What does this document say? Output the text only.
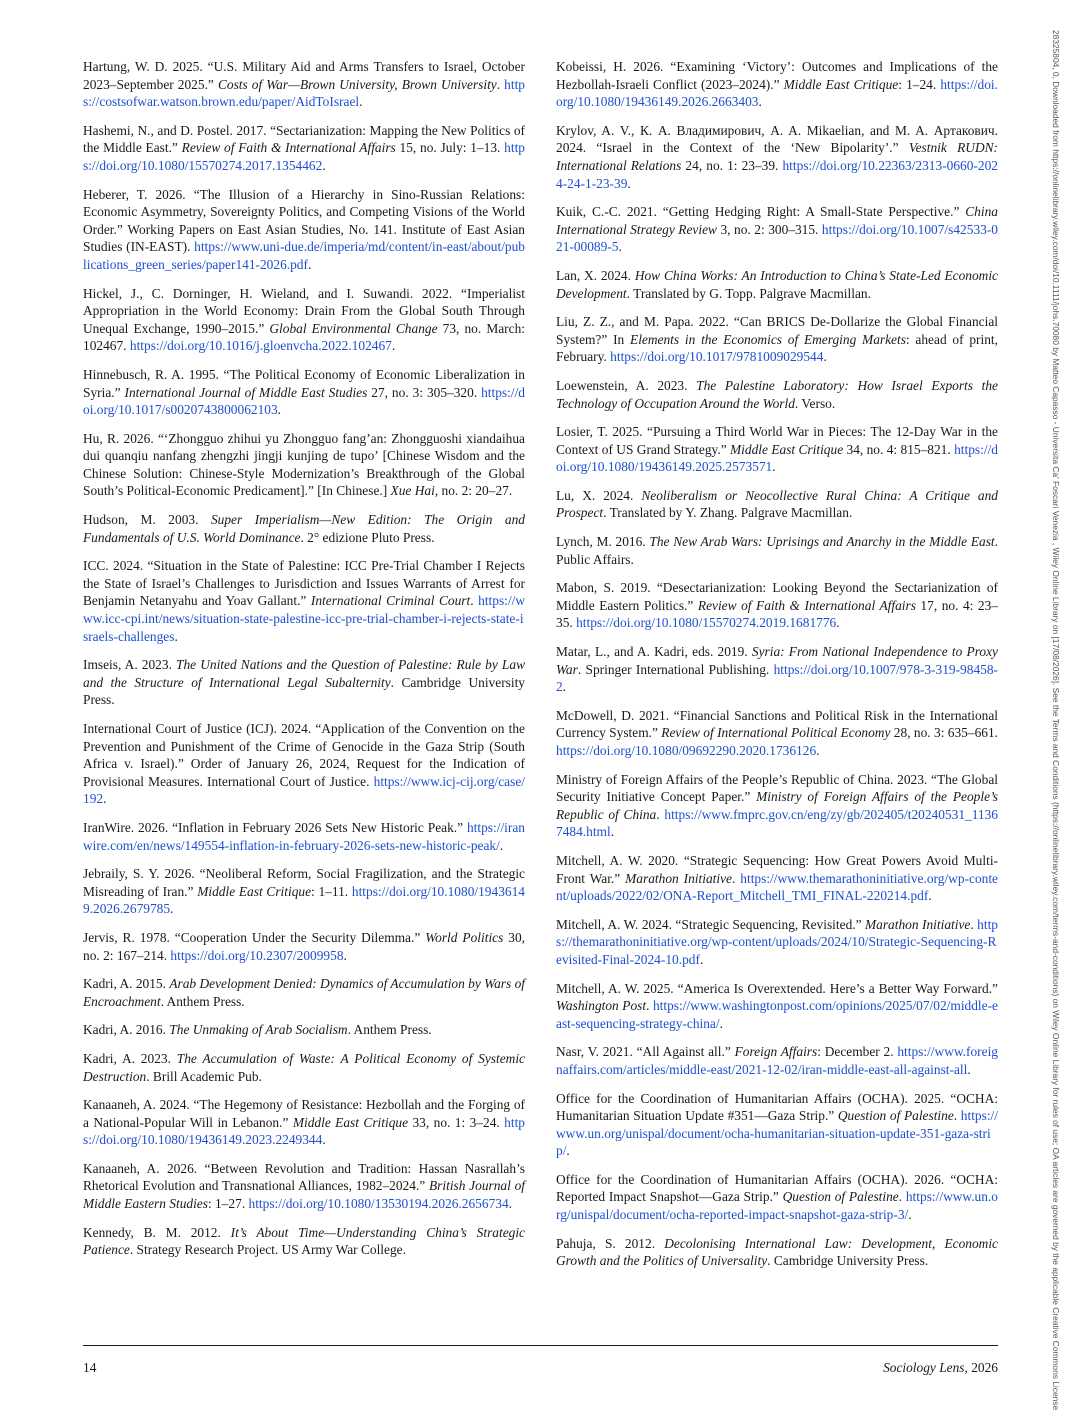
Hartung, W. D. 2025. “U.S. Military Aid and Arms Transfers to Israel, October 2023–September 2025.” Costs of War—Brown University, Brown University. https://costsofwar.watson.brown.edu/paper/AidToIsrael.

Hashemi, N., and D. Postel. 2017. “Sectarianization: Mapping the New Politics of the Middle East.” Review of Faith & International Affairs 15, no. July: 1–13. https://doi.org/10.1080/15570274.2017.1354462.

Heberer, T. 2026. “The Illusion of a Hierarchy in Sino-Russian Relations: Economic Asymmetry, Sovereignty Politics, and Competing Visions of the World Order.” Working Papers on East Asian Studies, No. 141. Institute of East Asian Studies (IN-EAST). https://www.uni-due.de/imperia/md/content/in-east/about/publications_green_series/paper141-2026.pdf.

Hickel, J., C. Dorninger, H. Wieland, and I. Suwandi. 2022. “Imperialist Appropriation in the World Economy: Drain From the Global South Through Unequal Exchange, 1990–2015.” Global Environmental Change 73, no. March: 102467. https://doi.org/10.1016/j.gloenvcha.2022.102467.

Hinnebusch, R. A. 1995. “The Political Economy of Economic Liberalization in Syria.” International Journal of Middle East Studies 27, no. 3: 305–320. https://doi.org/10.1017/s0020743800062103.

Hu, R. 2026. “‘Zhongguo zhihui yu Zhongguo fang’an: Zhongguoshi xiandaihua dui quanqiu nanfang zhengzhi jingji kunjing de tupo’ [Chinese Wisdom and the Chinese Solution: Chinese-Style Modernization’s Breakthrough of the Global South’s Political-Economic Predicament].” [In Chinese.] Xue Hai, no. 2: 20–27.

Hudson, M. 2003. Super Imperialism—New Edition: The Origin and Fundamentals of U.S. World Dominance. 2° edizione Pluto Press.

ICC. 2024. “Situation in the State of Palestine: ICC Pre-Trial Chamber I Rejects the State of Israel’s Challenges to Jurisdiction and Issues Warrants of Arrest for Benjamin Netanyahu and Yoav Gallant.” International Criminal Court. https://www.icc-cpi.int/news/situation-state-palestine-icc-pre-trial-chamber-i-rejects-state-israels-challenges.

Imseis, A. 2023. The United Nations and the Question of Palestine: Rule by Law and the Structure of International Legal Subalternity. Cambridge University Press.

International Court of Justice (ICJ). 2024. “Application of the Convention on the Prevention and Punishment of the Crime of Genocide in the Gaza Strip (South Africa v. Israel).” Order of January 26, 2024, Request for the Indication of Provisional Measures. International Court of Justice. https://www.icj-cij.org/case/192.

IranWire. 2026. “Inflation in February 2026 Sets New Historic Peak.” https://iranwire.com/en/news/149554-inflation-in-february-2026-sets-new-historic-peak/.

Jebraily, S. Y. 2026. “Neoliberal Reform, Social Fragilization, and the Strategic Misreading of Iran.” Middle East Critique: 1–11. https://doi.org/10.1080/19436149.2026.2679785.

Jervis, R. 1978. “Cooperation Under the Security Dilemma.” World Politics 30, no. 2: 167–214. https://doi.org/10.2307/2009958.

Kadri, A. 2015. Arab Development Denied: Dynamics of Accumulation by Wars of Encroachment. Anthem Press.

Kadri, A. 2016. The Unmaking of Arab Socialism. Anthem Press.

Kadri, A. 2023. The Accumulation of Waste: A Political Economy of Systemic Destruction. Brill Academic Pub.

Kanaaneh, A. 2024. “The Hegemony of Resistance: Hezbollah and the Forging of a National-Popular Will in Lebanon.” Middle East Critique 33, no. 1: 3–24. https://doi.org/10.1080/19436149.2023.2249344.

Kanaaneh, A. 2026. “Between Revolution and Tradition: Hassan Nasrallah’s Rhetorical Evolution and Transnational Alliances, 1982–2024.” British Journal of Middle Eastern Studies: 1–27. https://doi.org/10.1080/13530194.2026.2656734.

Kennedy, B. M. 2012. It’s About Time—Understanding China’s Strategic Patience. Strategy Research Project. US Army War College.

Kobeissi, H. 2026. “Examining ‘Victory’: Outcomes and Implications of the Hezbollah-Israeli Conflict (2023–2024).” Middle East Critique: 1–24. https://doi.org/10.1080/19436149.2026.2663403.

Krylov, A. V., К. А. Владимирович, A. A. Mikaelian, and M. A. Артакович. 2024. “Israel in the Context of the ‘New Bipolarity’.” Vestnik RUDN: International Relations 24, no. 1: 23–39. https://doi.org/10.22363/2313-0660-2024-24-1-23-39.

Kuik, C.-C. 2021. “Getting Hedging Right: A Small-State Perspective.” China International Strategy Review 3, no. 2: 300–315. https://doi.org/10.1007/s42533-021-00089-5.

Lan, X. 2024. How China Works: An Introduction to China’s State-Led Economic Development. Translated by G. Topp. Palgrave Macmillan.

Liu, Z. Z., and M. Papa. 2022. “Can BRICS De-Dollarize the Global Financial System?” In Elements in the Economics of Emerging Markets: ahead of print, February. https://doi.org/10.1017/9781009029544.

Loewenstein, A. 2023. The Palestine Laboratory: How Israel Exports the Technology of Occupation Around the World. Verso.

Losier, T. 2025. “Pursuing a Third World War in Pieces: The 12-Day War in the Context of US Grand Strategy.” Middle East Critique 34, no. 4: 815–821. https://doi.org/10.1080/19436149.2025.2573571.

Lu, X. 2024. Neoliberalism or Neocollective Rural China: A Critique and Prospect. Translated by Y. Zhang. Palgrave Macmillan.

Lynch, M. 2016. The New Arab Wars: Uprisings and Anarchy in the Middle East. Public Affairs.

Mabon, S. 2019. “Desectarianization: Looking Beyond the Sectarianization of Middle Eastern Politics.” Review of Faith & International Affairs 17, no. 4: 23–35. https://doi.org/10.1080/15570274.2019.1681776.

Matar, L., and A. Kadri, eds. 2019. Syria: From National Independence to Proxy War. Springer International Publishing. https://doi.org/10.1007/978-3-319-98458-2.

McDowell, D. 2021. “Financial Sanctions and Political Risk in the International Currency System.” Review of International Political Economy 28, no. 3: 635–661. https://doi.org/10.1080/09692290.2020.1736126.

Ministry of Foreign Affairs of the People’s Republic of China. 2023. “The Global Security Initiative Concept Paper.” Ministry of Foreign Affairs of the People’s Republic of China. https://www.fmprc.gov.cn/eng/zy/gb/202405/t20240531_11367484.html.

Mitchell, A. W. 2020. “Strategic Sequencing: How Great Powers Avoid Multi-Front War.” Marathon Initiative. https://www.themarathoninitiative.org/wp-content/uploads/2022/02/ONA-Report_Mitchell_TMI_FINAL-220214.pdf.

Mitchell, A. W. 2024. “Strategic Sequencing, Revisited.” Marathon Initiative. https://themarathoninitiative.org/wp-content/uploads/2024/10/Strategic-Sequencing-Revisited-Final-2024-10.pdf.

Mitchell, A. W. 2025. “America Is Overextended. Here’s a Better Way Forward.” Washington Post. https://www.washingtonpost.com/opinions/2025/07/02/middle-east-sequencing-strategy-china/.

Nasr, V. 2021. “All Against all.” Foreign Affairs: December 2. https://www.foreignaffairs.com/articles/middle-east/2021-12-02/iran-middle-east-all-against-all.

Office for the Coordination of Humanitarian Affairs (OCHA). 2025. “OCHA: Humanitarian Situation Update #351—Gaza Strip.” Question of Palestine. https://www.un.org/unispal/document/ocha-humanitarian-situation-update-351-gaza-strip/.

Office for the Coordination of Humanitarian Affairs (OCHA). 2026. “OCHA: Reported Impact Snapshot—Gaza Strip.” Question of Palestine. https://www.un.org/unispal/document/ocha-reported-impact-snapshot-gaza-strip-3/.

Pahuja, S. 2012. Decolonising International Law: Development, Economic Growth and the Politics of Universality. Cambridge University Press.

14	Sociology Lens, 2026	28325804, 0, Downloaded from https://onlinelibrary.wiley.com/doi/10.1111/johs.70080 by Matteo Capasso - Universita Ca' Foscari Venezia , Wiley Online Library on [17/08/2026]. See the Terms and Conditions (https://onlinelibrary.wiley.com/terms-and-conditions) on Wiley Online Library for rules of use; OA articles are governed by the applicable Creative Commons License
